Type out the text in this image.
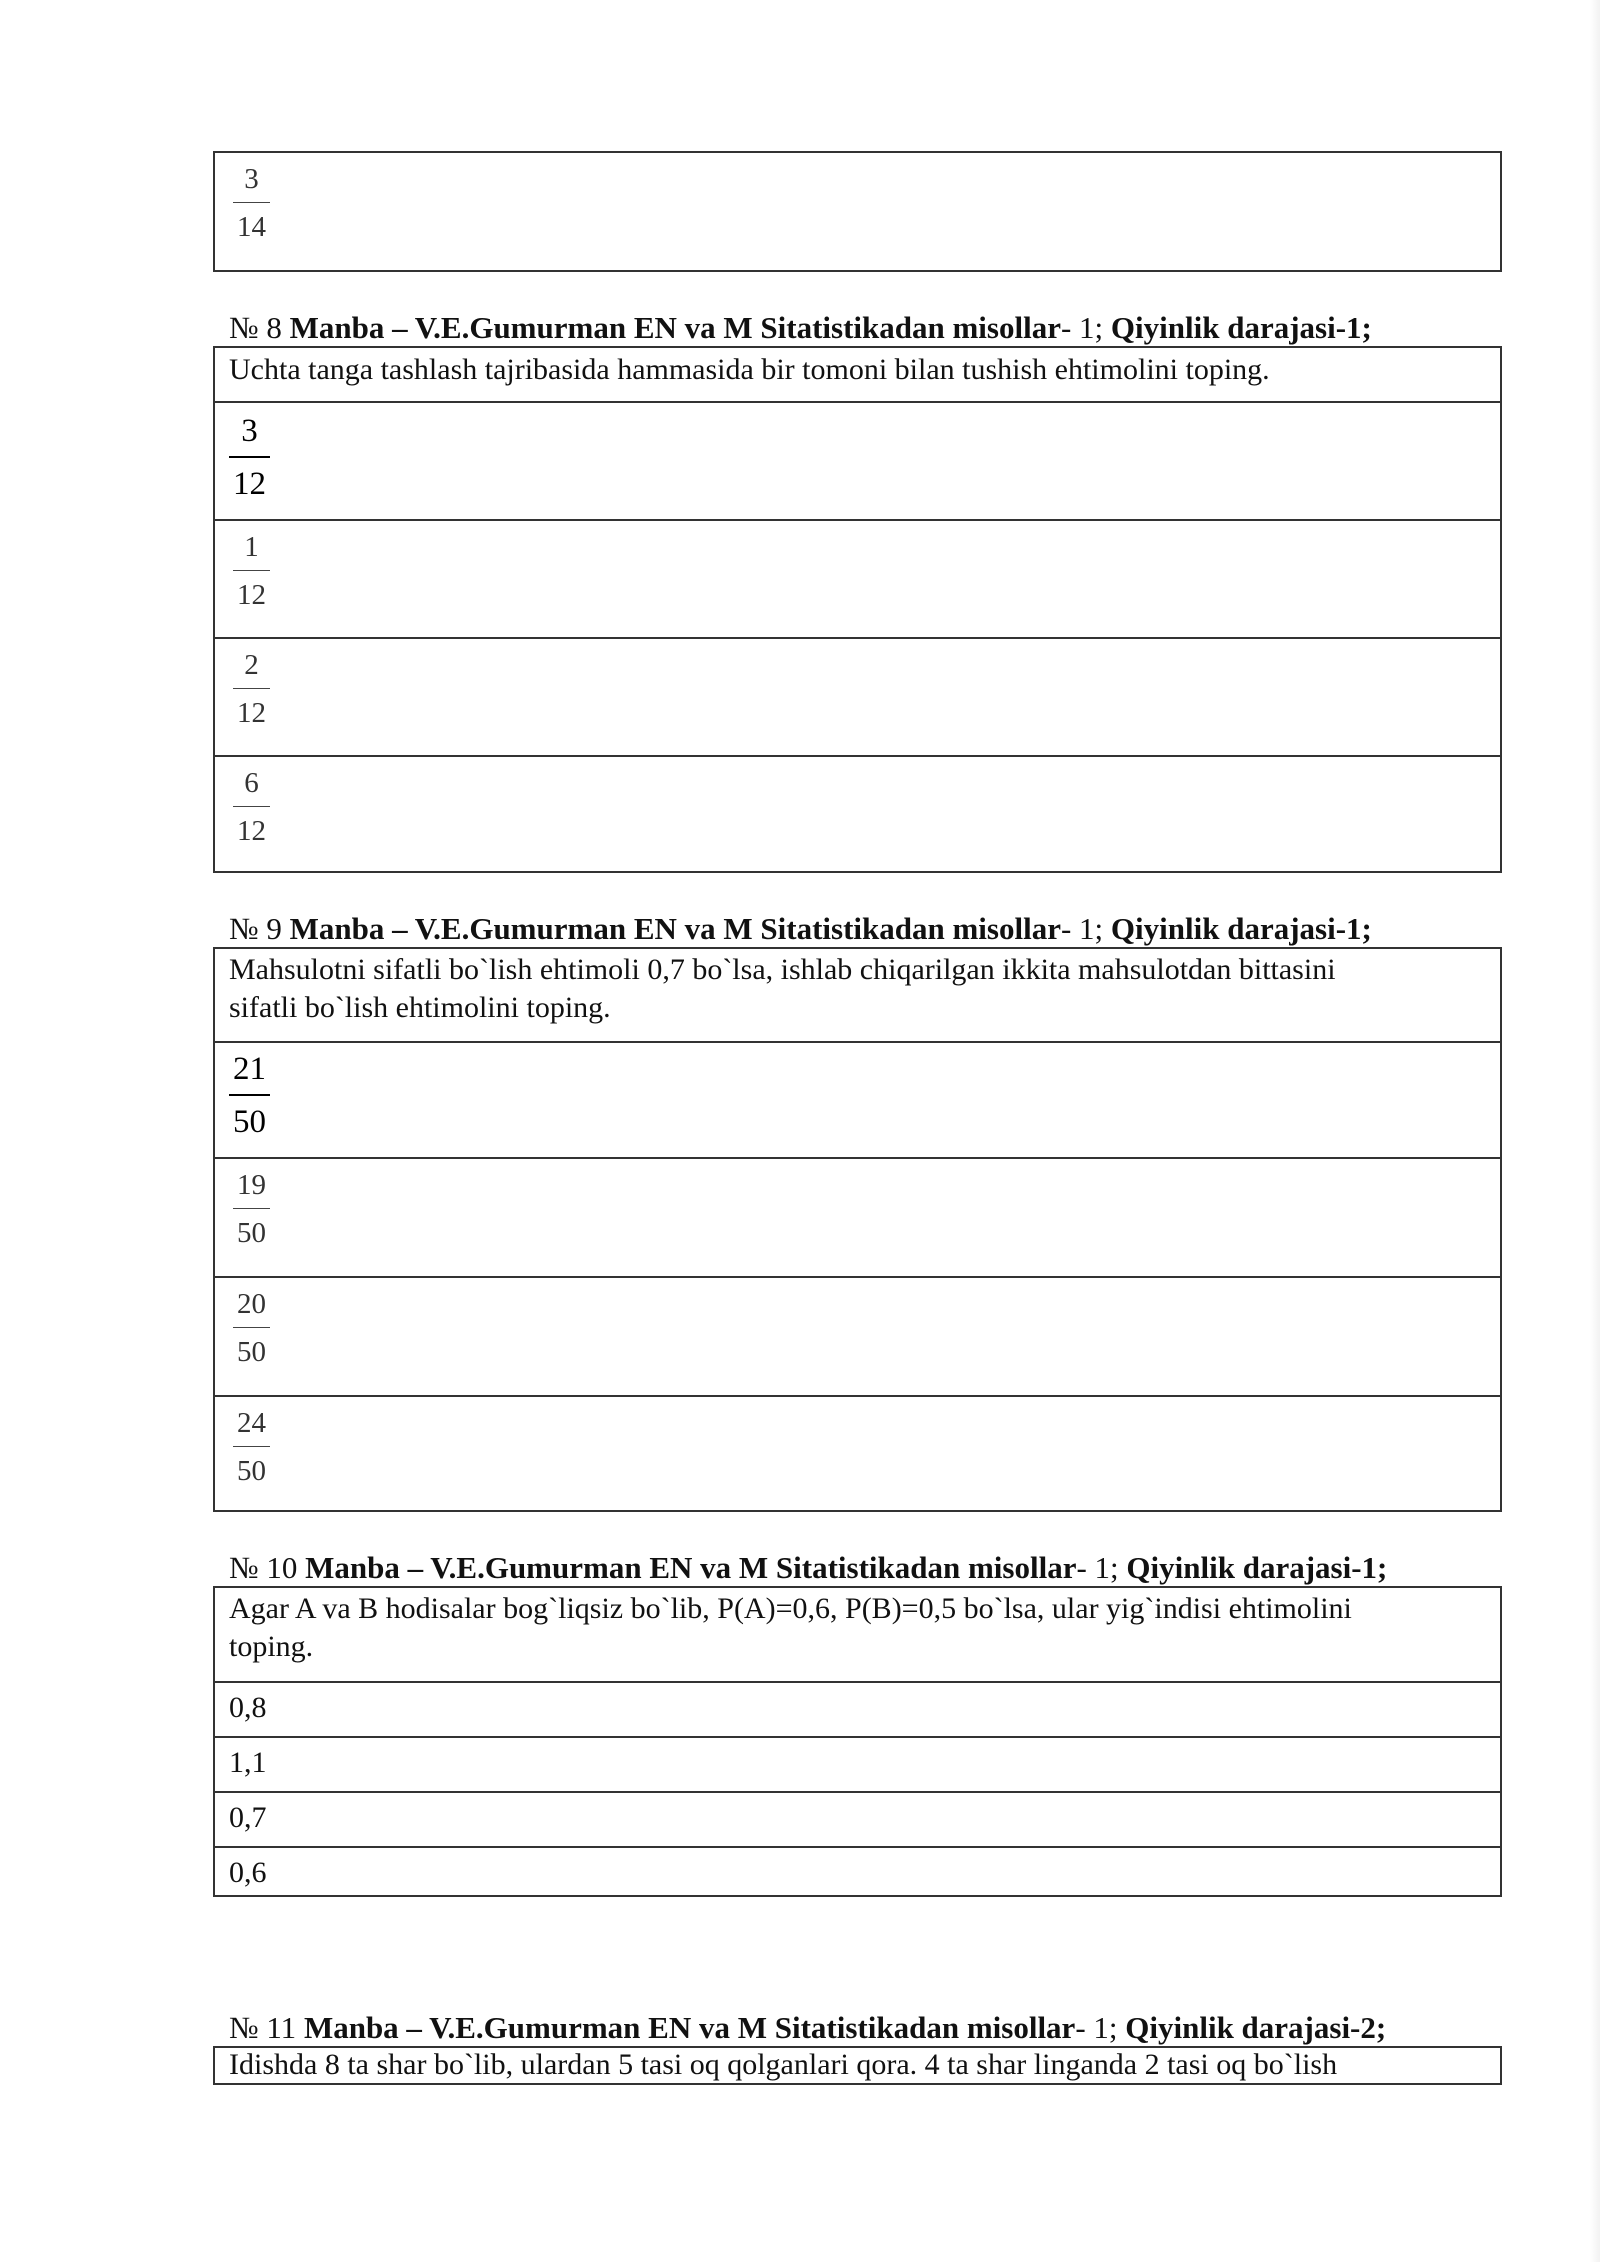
3
14
№ 8 Manba – V.E.Gumurman EN va M Sitatistikadan misollar- 1; Qiyinlik darajasi-1;
Uchta tanga tashlash tajribasida hammasida bir tomoni bilan tushish ehtimolini toping.
3
12
1
12
2
12
6
12
№ 9 Manba – V.E.Gumurman EN va M Sitatistikadan misollar- 1; Qiyinlik darajasi-1;
Mahsulotni sifatli bo`lish ehtimoli 0,7 bo`lsa, ishlab chiqarilgan ikkita mahsulotdan bittasini
sifatli bo`lish ehtimolini toping.
21
50
19
50
20
50
24
50
№ 10 Manba – V.E.Gumurman EN va M Sitatistikadan misollar- 1; Qiyinlik darajasi-1;
Agar A va B hodisalar bog`liqsiz bo`lib, P(A)=0,6, P(B)=0,5 bo`lsa, ular yig`indisi ehtimolini
toping.
0,8
1,1
0,7
0,6
№ 11 Manba – V.E.Gumurman EN va M Sitatistikadan misollar- 1; Qiyinlik darajasi-2;
Idishda 8 ta shar bo`lib, ulardan 5 tasi oq qolganlari qora. 4 ta shar linganda 2 tasi oq bo`lish
